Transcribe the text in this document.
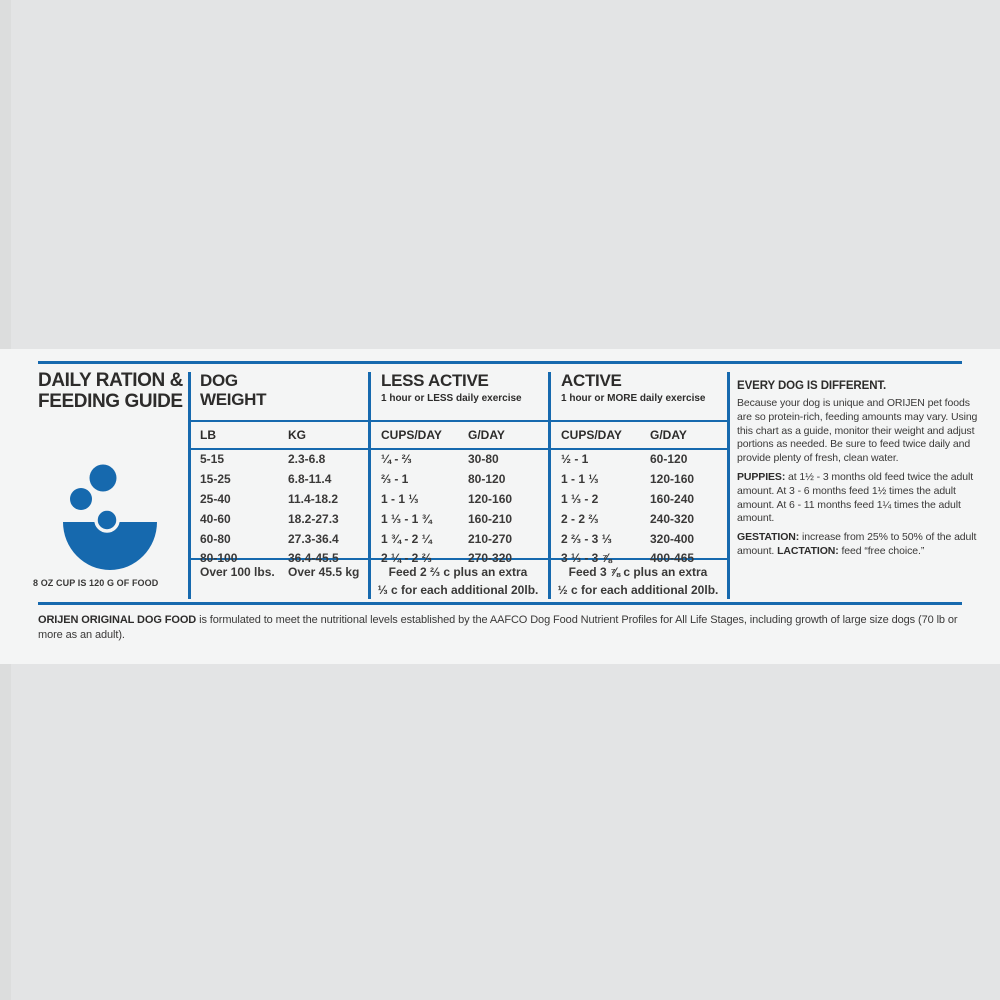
DAILY RATION &
FEEDING GUIDE
8 OZ CUP IS 120 G OF FOOD
DOG
WEIGHT
LESS ACTIVE
1 hour or LESS daily exercise
ACTIVE
1 hour or MORE daily exercise
LB	KG	CUPS/DAY G/DAY	CUPS/DAY G/DAY
5-15	2.3-6.8	¼ - ⅔	30-80	½ - 1	60-120
15-25	6.8-11.4	⅔ - 1	80-120	1 - 1 ⅓	120-160
25-40	11.4-18.2	1 - 1 ⅓	120-160	1 ⅓ - 2	160-240
40-60	18.2-27.3	1 ⅓ - 1 ¾	160-210	2 - 2 ⅔	240-320
60-80	27.3-36.4	1 ¾ - 2 ¼	210-270	2 ⅔ - 3 ⅓	320-400
80-100	36.4-45.5	2 ¼ - 2 ⅔	270-320	3 ⅓ - 3 ⅞	400-465
Over 100 lbs. Over 45.5 kg	Feed 2 ⅔ c plus an extra
⅓ c for each additional 20lb.
Feed 3 ⅞ c plus an extra
½ c for each additional 20lb.
EVERY DOG IS DIFFERENT.

Because your dog is unique and ORIJEN pet foods are so protein-rich, feeding amounts may vary. Using this chart as a guide, monitor their weight and adjust portions as needed. Be sure to feed twice daily and provide plenty of fresh, clean water.

PUPPIES: at 1½ - 3 months old feed twice the adult amount. At 3 - 6 months feed 1½ times the adult amount. At 6 - 11 months feed 1¼ times the adult amount.

GESTATION: increase from 25% to 50% of the adult amount. LACTATION: feed “free choice.”

ORIJEN ORIGINAL DOG FOOD is formulated to meet the nutritional levels established by the AAFCO Dog Food Nutrient Profiles for All Life Stages, including growth of large size dogs (70 lb or more as an adult).
